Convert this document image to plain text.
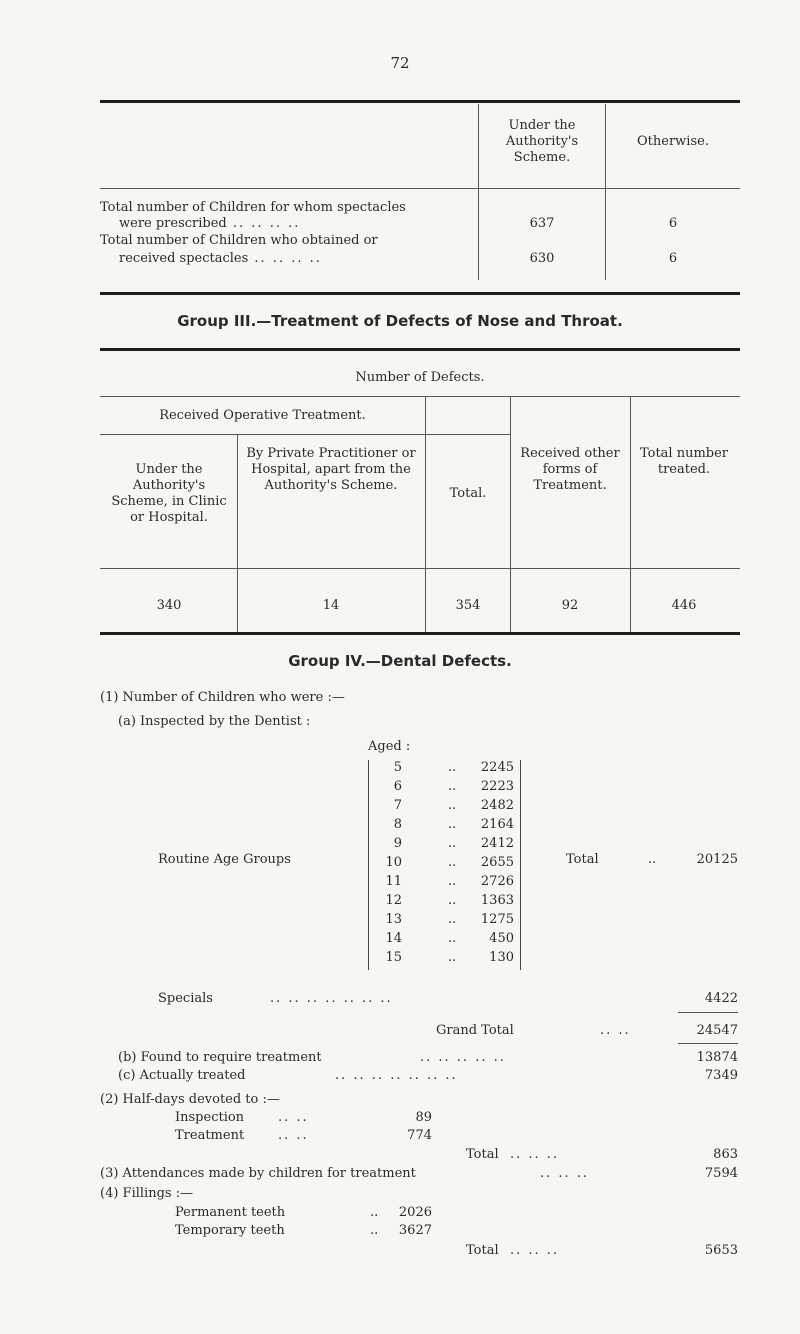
72
Under the Authority's Scheme.
Otherwise.
Total number of Children for whom spectacles
were prescribed .. .. .. ..	637	6
Total number of Children who obtained or
received spectacles .. .. .. ..	630	6
Group III.—Treatment of Defects of Nose and Throat.
Number of Defects.
Received Operative Treatment.
Under the Authority's Scheme, in Clinic or Hospital.
By Private Practitioner or Hospital, apart from the Authority's Scheme.
Total.
Received other forms of Treatment.
Total number treated.
340	14	354	92	446
Group IV.—Dental Defects.
(1) Number of Children who were :—
(a) Inspected by the Dentist :
Aged :
5	..	2245
6	..	2223
7	..	2482
8	..	2164
9	..	2412
10	..	2655
11	..	2726
12	..	1363
13	..	1275
14	..	450
15	..	130
Routine Age Groups	Total	..	20125
Specials	.. .. .. .. .. .. ..	4422
Grand Total	.. ..	24547
(b) Found to require treatment	.. .. .. .. ..	13874
(c) Actually treated	.. .. .. .. .. .. ..	7349
(2) Half-days devoted to :—
Inspection	.. ..	89
Treatment	.. ..	774
Total .. .. ..	863
(3) Attendances made by children for treatment	.. .. ..	7594
(4) Fillings :—
Permanent teeth	..	2026
Temporary teeth	..	3627
Total .. .. ..	5653
